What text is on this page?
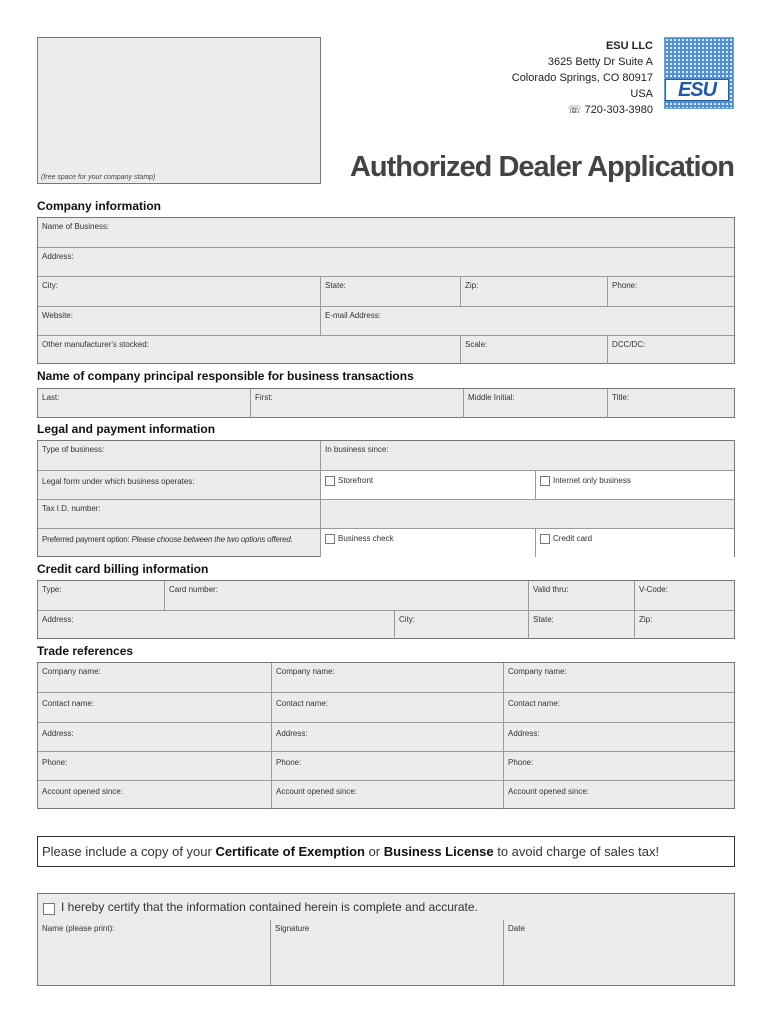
(free space for your company stamp)
ESU LLC
3625 Betty Dr Suite A
Colorado Springs, CO 80917
USA
☏ 720-303-3980
ESU
Authorized Dealer Application
Company information
Name of Business:
Address:
City:	State:	Zip:	Phone:
Website:	E-mail Address:
Other manufacturer's stocked:	Scale:	DCC/DC:
Name of company principal responsible for business transactions
Last:	First:	Middle Initial:	Title:
Legal and payment information
Type of business:	In business since:
Legal form under which business operates:	Storefront	Internet only business
Tax I.D. number:
Preferred payment option: Please choose between the two options offered.	Business check	Credit card
Credit card billing information
Type:	Card number:	Valid thru:	V-Code:
Address:	City:	State:	Zip:
Trade references
Company name:	Company name:	Company name:
Contact name:	Contact name:	Contact name:
Address:	Address:	Address:
Phone:	Phone:	Phone:
Account opened since:	Account opened since:	Account opened since:
Please include a copy of your Certificate of Exemption or Business License to avoid charge of sales tax!
I hereby certify that the information contained herein is complete and accurate.
Name (please print):	Signature	Date
